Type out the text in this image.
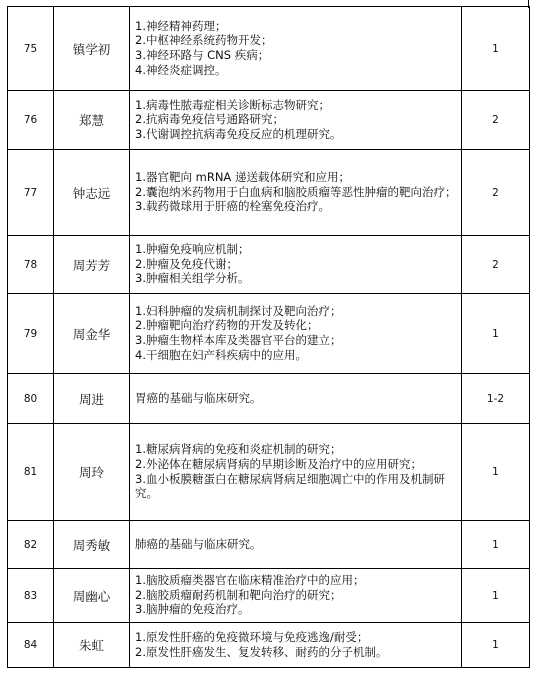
75	镇学初	1.神经精神药理；
2.中枢神经系统药物开发；
3.神经环路与 CNS 疾病；
4.神经炎症调控。	1
76	郑慧	1.病毒性脓毒症相关诊断标志物研究；
2.抗病毒免疫信号通路研究；
3.代谢调控抗病毒免疫反应的机理研究。	2
77	钟志远	1.器官靶向 mRNA 递送载体研究和应用；
2.囊泡纳米药物用于白血病和脑胶质瘤等恶性肿瘤的靶向治疗；
3.载药微球用于肝癌的栓塞免疫治疗。	2
78	周芳芳	1.肿瘤免疫响应机制；
2.肿瘤及免疫代谢；
3.肿瘤相关组学分析。	2
79	周金华	1.妇科肿瘤的发病机制探讨及靶向治疗；
2.肿瘤靶向治疗药物的开发及转化；
3.肿瘤生物样本库及类器官平台的建立；
4.干细胞在妇产科疾病中的应用。	1
80	周进	胃癌的基础与临床研究。	1-2
81	周玲	1.糖尿病肾病的免疫和炎症机制的研究；
2.外泌体在糖尿病肾病的早期诊断及治疗中的应用研究；
3.血小板膜糖蛋白在糖尿病肾病足细胞凋亡中的作用及机制研究。	1
82	周秀敏	肺癌的基础与临床研究。	1
83	周幽心	1.脑胶质瘤类器官在临床精准治疗中的应用；
2.脑胶质瘤耐药机制和靶向治疗的研究；
3.脑肿瘤的免疫治疗。	1
84	朱虹	1.原发性肝癌的免疫微环境与免疫逃逸/耐受；
2.原发性肝癌发生、复发转移、耐药的分子机制。	1
